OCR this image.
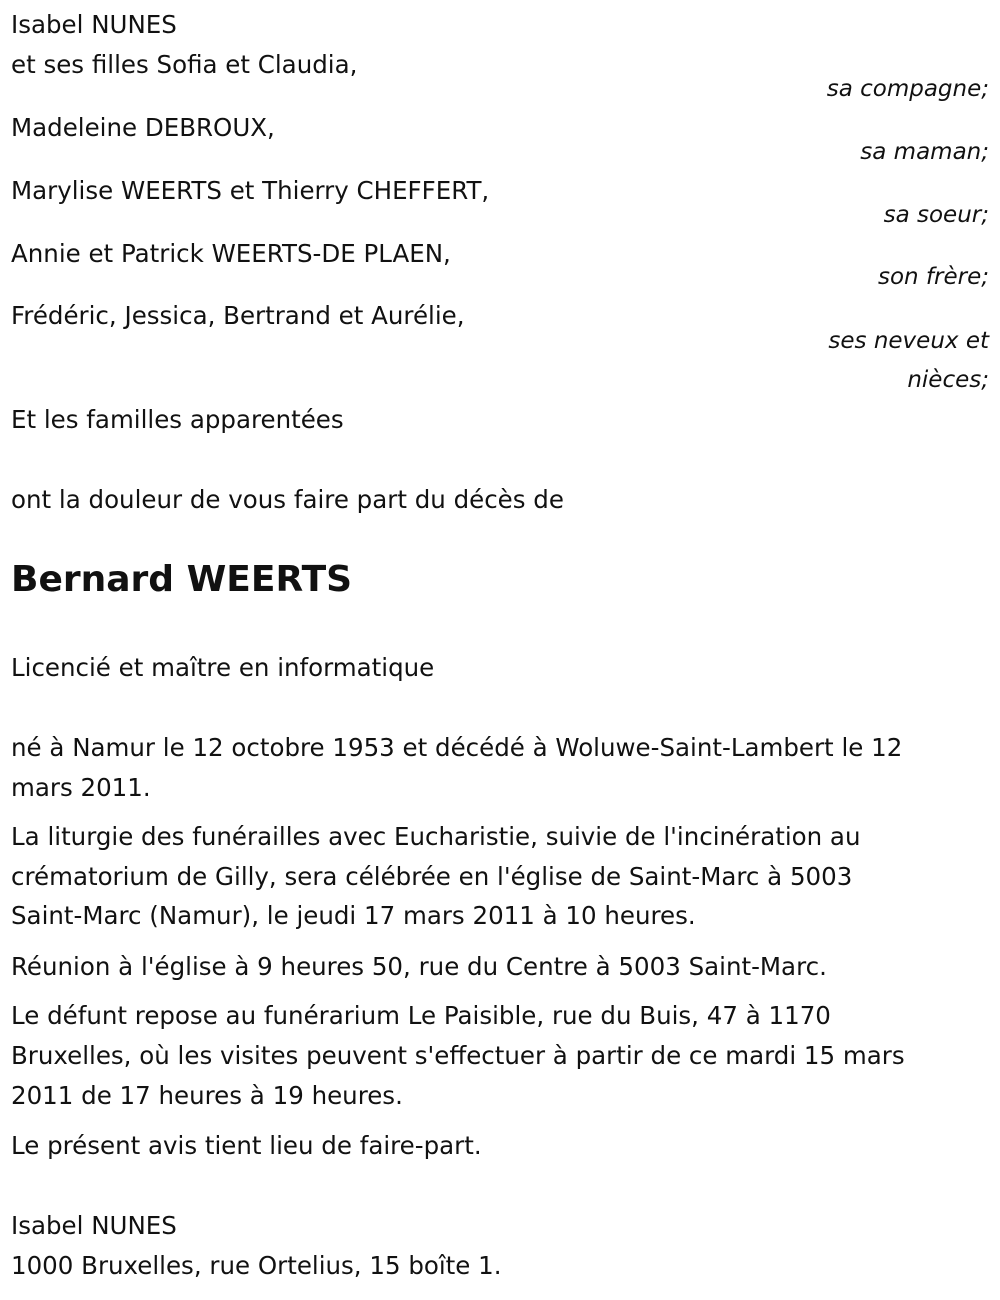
Isabel NUNES

et ses filles Sofia et Claudia,

sa compagne;

Madeleine DEBROUX,

sa maman;

Marylise WEERTS et Thierry CHEFFERT,

sa soeur;

Annie et Patrick WEERTS-DE PLAEN,

son frère;

Frédéric, Jessica, Bertrand et Aurélie,

ses neveux et

nièces;

Et les familles apparentées

ont la douleur de vous faire part du décès de

Bernard WEERTS

Licencié et maître en informatique

né à Namur le 12 octobre 1953 et décédé à Woluwe-Saint-Lambert le 12

mars 2011.

La liturgie des funérailles avec Eucharistie, suivie de l'incinération au

crématorium de Gilly, sera célébrée en l'église de Saint-Marc à 5003

Saint-Marc (Namur), le jeudi 17 mars 2011 à 10 heures.

Réunion à l'église à 9 heures 50, rue du Centre à 5003 Saint-Marc.

Le défunt repose au funérarium Le Paisible, rue du Buis, 47 à 1170

Bruxelles, où les visites peuvent s'effectuer à partir de ce mardi 15 mars

2011 de 17 heures à 19 heures.

Le présent avis tient lieu de faire-part.

Isabel NUNES

1000 Bruxelles, rue Ortelius, 15 boîte 1.
